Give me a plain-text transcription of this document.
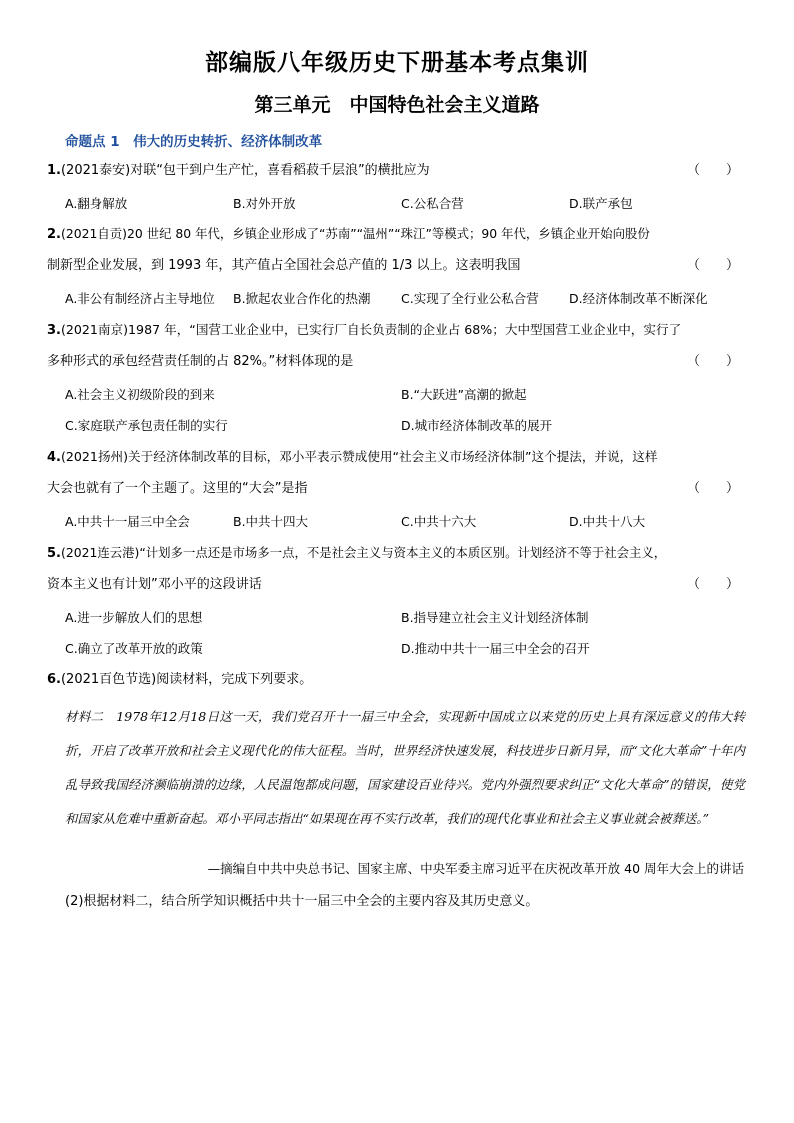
部编版八年级历史下册基本考点集训
第三单元　中国特色社会主义道路
命题点 1　伟大的历史转折、经济体制改革
1.(2021泰安)对联“包干到户生产忙，喜看稻菽千层浪”的横批应为	（　　）
A.翻身解放	B.对外开放	C.公私合营	D.联产承包
2.(2021自贡)20 世纪 80 年代，乡镇企业形成了“苏南”“温州”“珠江”等模式；90 年代，乡镇企业开始向股份
制新型企业发展，到 1993 年，其产值占全国社会总产值的 1/3 以上。这表明我国	（　　）
A.非公有制经济占主导地位 B.掀起农业合作化的热潮 C.实现了全行业公私合营 D.经济体制改革不断深化
3.(2021南京)1987 年，“国营工业企业中，已实行厂自长负责制的企业占 68%；大中型国营工业企业中，实行了
多种形式的承包经营责任制的占 82%。”材料体现的是	（　　）
A.社会主义初级阶段的到来	B.“大跃进”高潮的掀起
C.家庭联产承包责任制的实行	D.城市经济体制改革的展开
4.(2021扬州)关于经济体制改革的目标，邓小平表示赞成使用“社会主义市场经济体制”这个提法，并说，这样
大会也就有了一个主题了。这里的“大会”是指	（　　）
A.中共十一届三中全会	B.中共十四大	C.中共十六大	D.中共十八大
5.(2021连云港)“计划多一点还是市场多一点，不是社会主义与资本主义的本质区别。计划经济不等于社会主义，
资本主义也有计划”邓小平的这段讲话	（　　）
A.进一步解放人们的思想	B.指导建立社会主义计划经济体制
C.确立了改革开放的政策	D.推动中共十一届三中全会的召开
6.(2021百色节选)阅读材料，完成下列要求。
材料二　1978年12月18日这一天，我们党召开十一届三中全会，实现新中国成立以来党的历史上具有深远意义的伟大转折，开启了改革开放和社会主义现代化的伟大征程。当时，世界经济快速发展，科技进步日新月异，而“文化大革命”十年内乱导致我国经济濒临崩溃的边缘，人民温饱都成问题，国家建设百业待兴。党内外强烈要求纠正“文化大革命”的错误，使党和国家从危难中重新奋起。邓小平同志指出“如果现在再不实行改革，我们的现代化事业和社会主义事业就会被葬送。”
—摘编自中共中央总书记、国家主席、中央军委主席习近平在庆祝改革开放 40 周年大会上的讲话
(2)根据材料二，结合所学知识概括中共十一届三中全会的主要内容及其历史意义。
